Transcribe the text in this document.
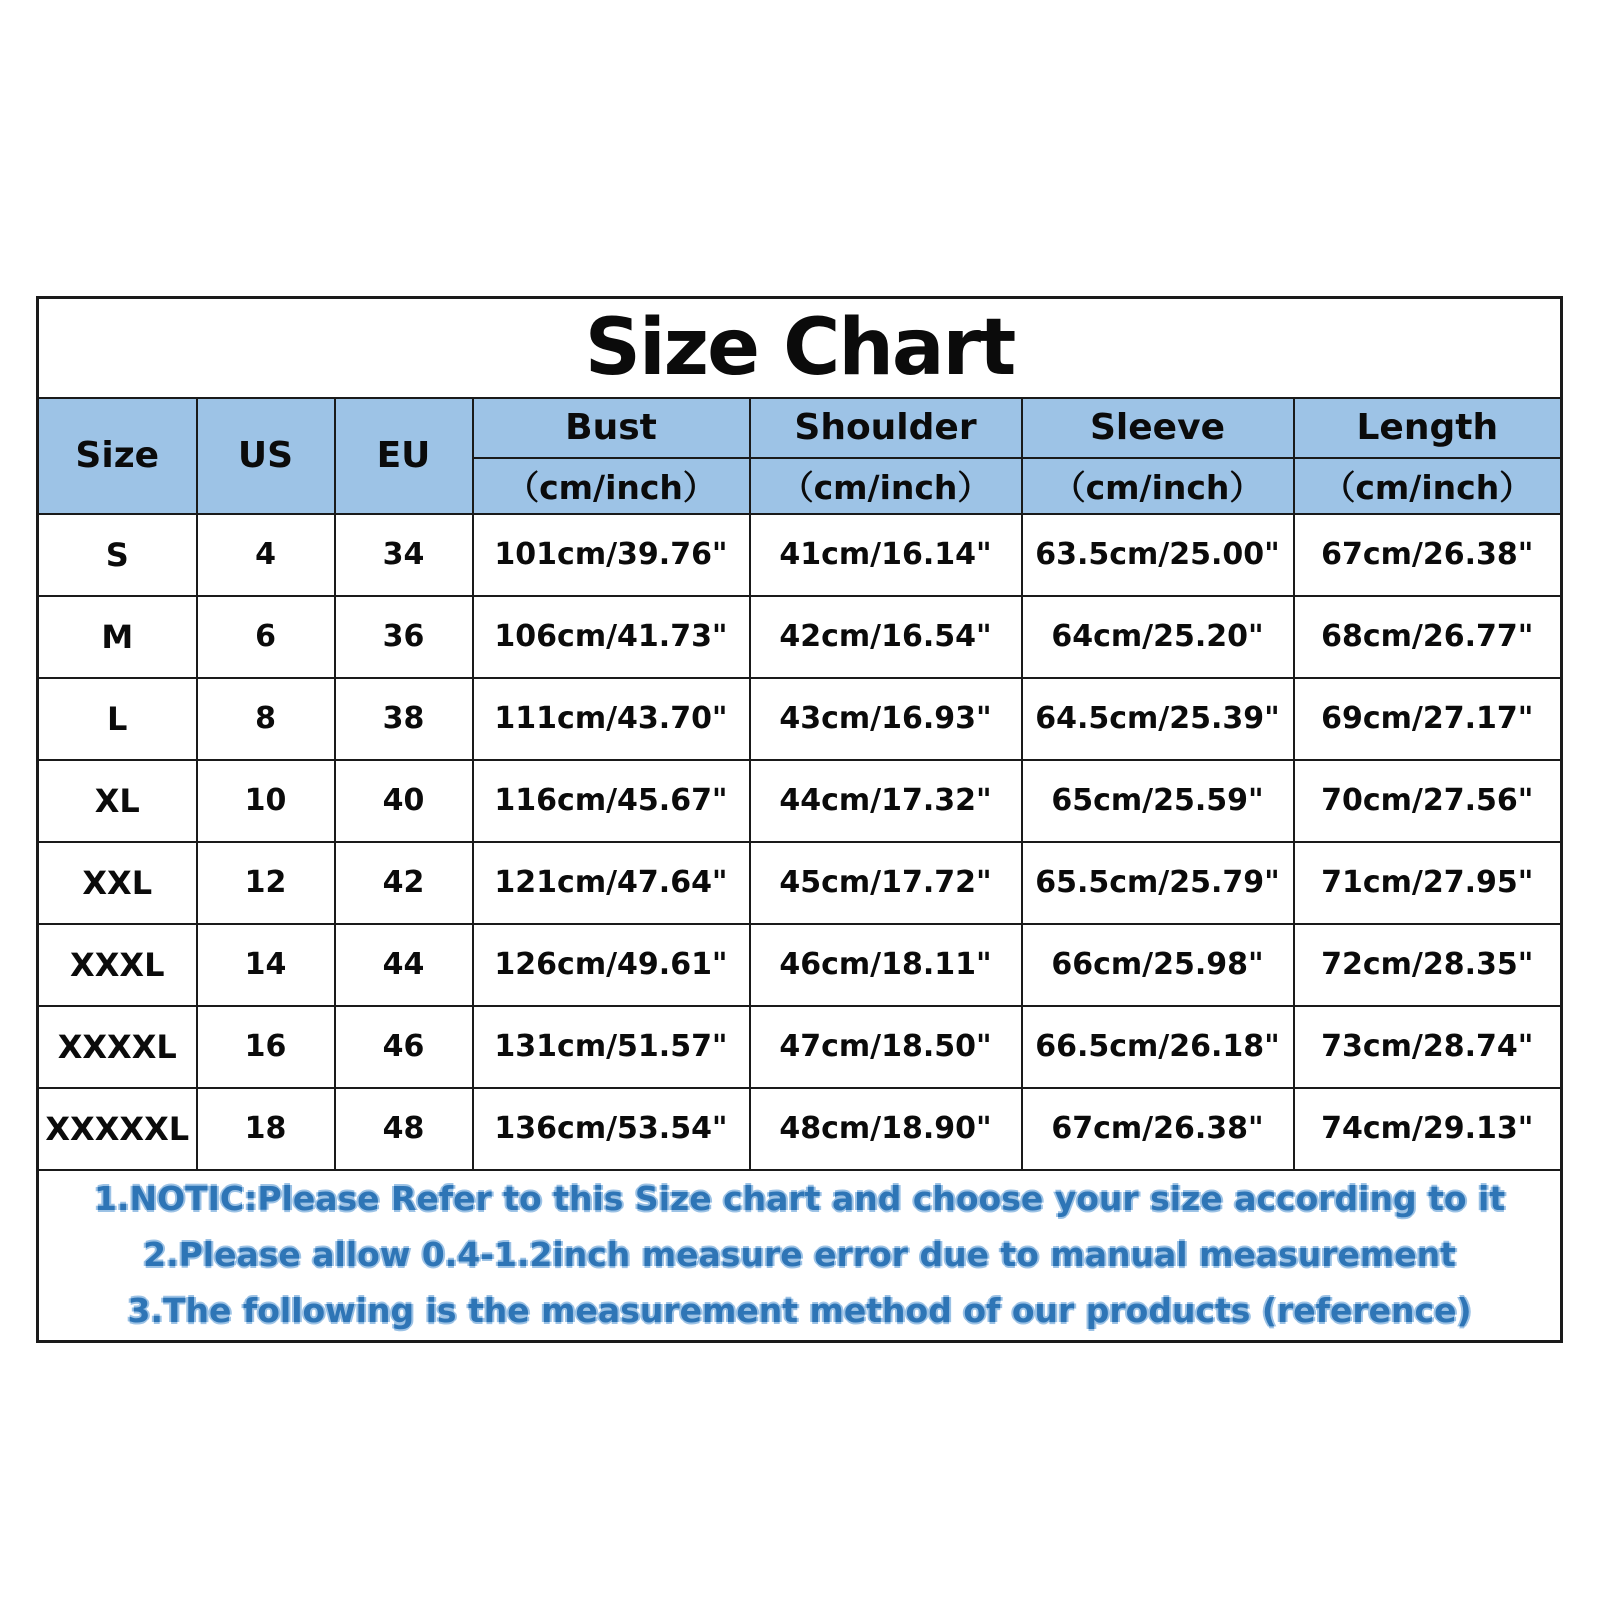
Size Chart						
Size	US	EU	Bust	Shoulder	Sleeve	Length
			（cm/inch）	（cm/inch）	（cm/inch）	（cm/inch）
S	4	34	101cm/39.76"	41cm/16.14"	63.5cm/25.00"	67cm/26.38"
M	6	36	106cm/41.73"	42cm/16.54"	64cm/25.20"	68cm/26.77"
L	8	38	111cm/43.70"	43cm/16.93"	64.5cm/25.39"	69cm/27.17"
XL	10	40	116cm/45.67"	44cm/17.32"	65cm/25.59"	70cm/27.56"
XXL	12	42	121cm/47.64"	45cm/17.72"	65.5cm/25.79"	71cm/27.95"
XXXL	14	44	126cm/49.61"	46cm/18.11"	66cm/25.98"	72cm/28.35"
XXXXL	16	46	131cm/51.57"	47cm/18.50"	66.5cm/26.18"	73cm/28.74"
XXXXXL	18	48	136cm/53.54"	48cm/18.90"	67cm/26.38"	74cm/29.13"

1.NOTIC:Please Refer to this Size chart and choose your size according to it
2.Please allow 0.4-1.2inch measure error due to manual measurement
3.The following is the measurement method of our products (reference)						
